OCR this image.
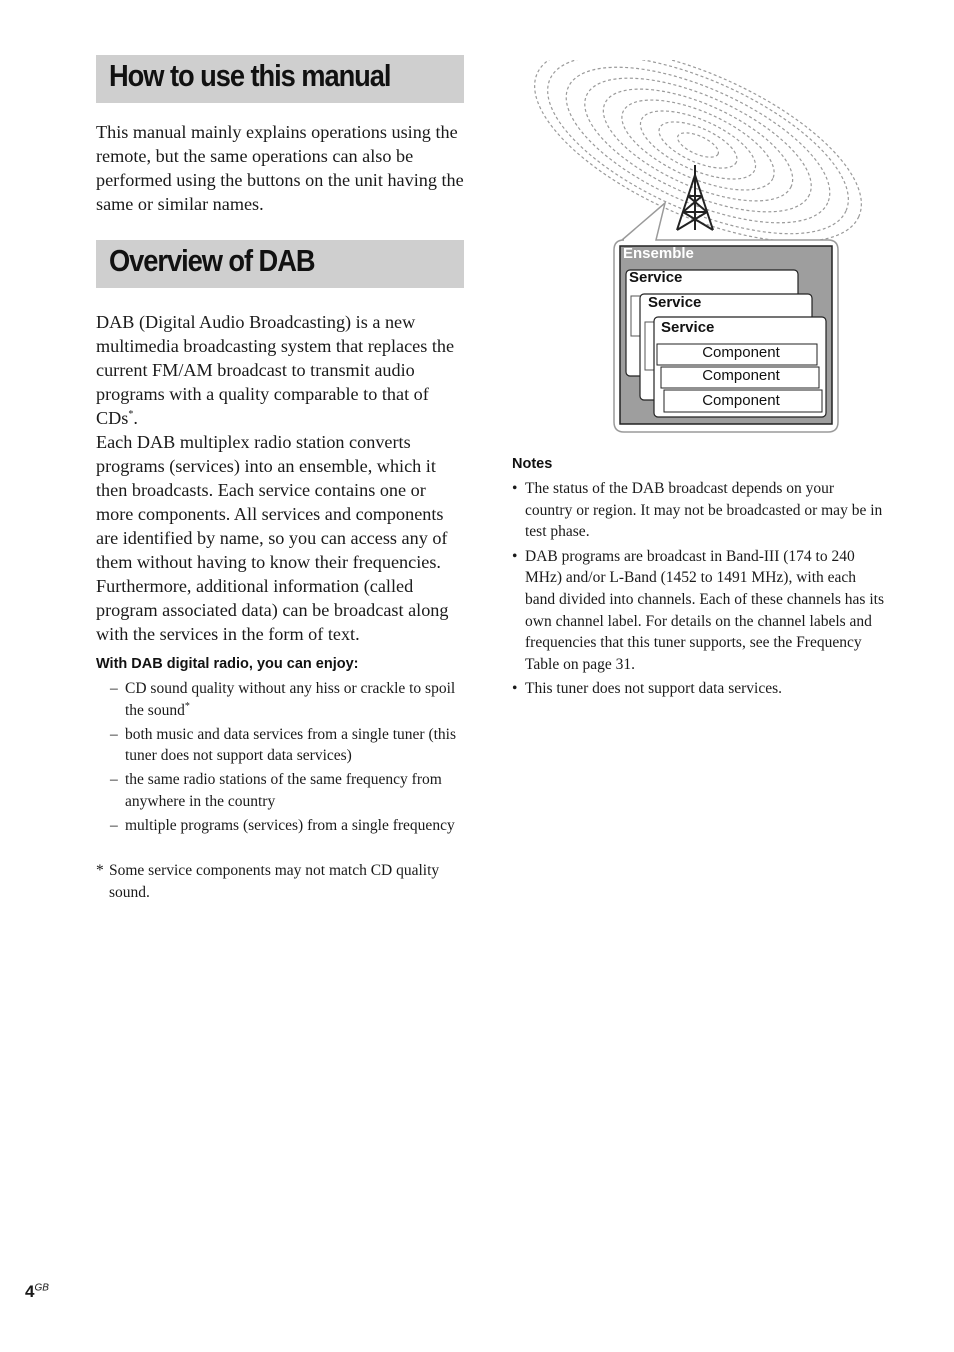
How to use this manual

This manual mainly explains operations using the remote, but the same operations can also be performed using the buttons on the unit having the same or similar names.

Overview of DAB

DAB (Digital Audio Broadcasting) is a new multimedia broadcasting system that replaces the current FM/AM broadcast to transmit audio programs with a quality comparable to that of CDs*.

Each DAB multiplex radio station converts programs (services) into an ensemble, which it then broadcasts. Each service contains one or more components. All services and components are identified by name, so you can access any of them without having to know their frequencies. Furthermore, additional information (called program associated data) can be broadcast along with the services in the form of text.

With DAB digital radio, you can enjoy:
– CD sound quality without any hiss or crackle to spoil the sound*
– both music and data services from a single tuner (this tuner does not support data services)
– the same radio stations of the same frequency from anywhere in the country
– multiple programs (services) from a single frequency
* Some service components may not match CD quality sound.
Ensemble
Service
Service
Service
Component
Component
Component
Notes
• The status of the DAB broadcast depends on your country or region. It may not be broadcasted or may be in test phase.
• DAB programs are broadcast in Band-III (174 to 240 MHz) and/or L-Band (1452 to 1491 MHz), with each band divided into channels. Each of these channels has its own channel label. For details on the channel labels and frequencies that this tuner supports, see the Frequency Table on page 31.
• This tuner does not support data services.
$4^{GB}$
